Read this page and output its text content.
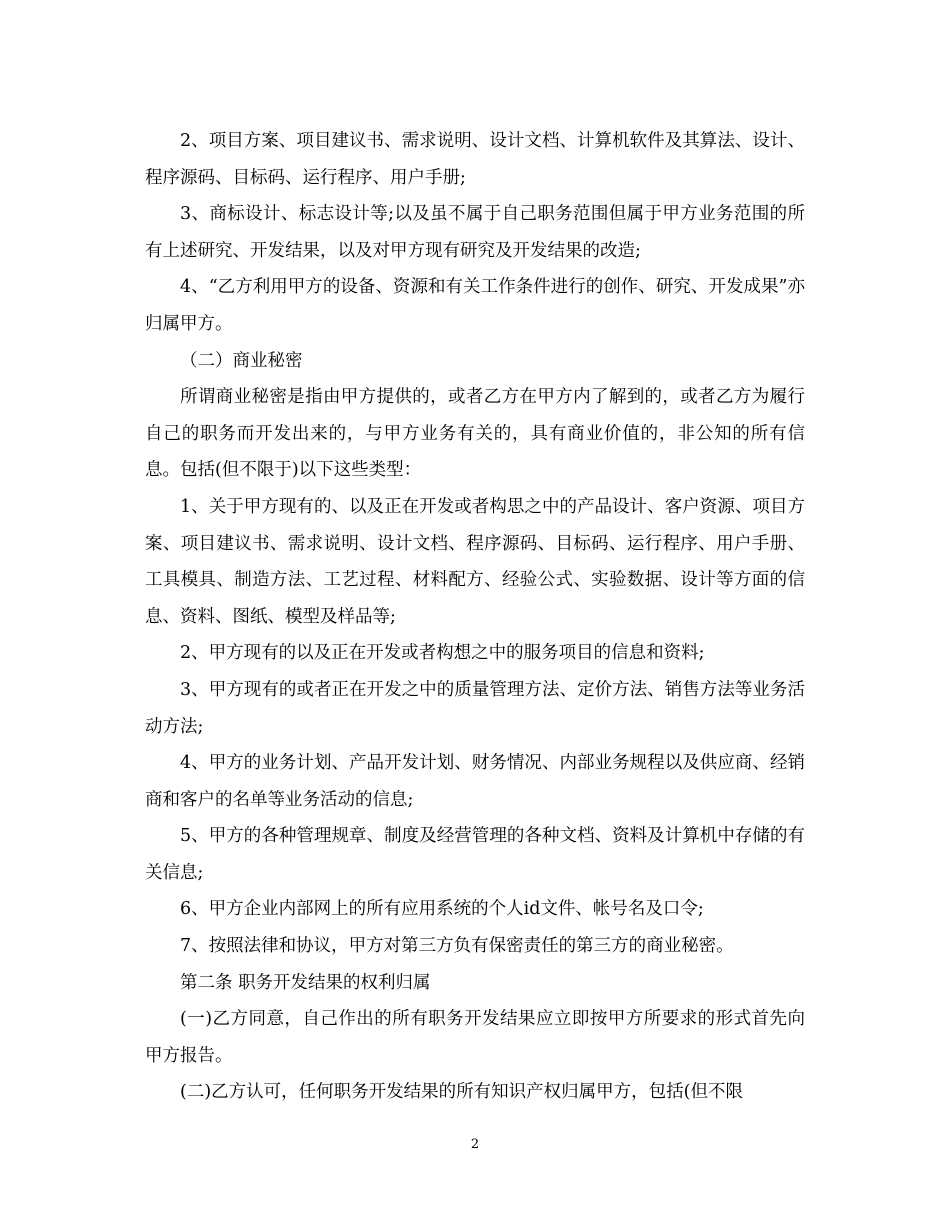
2、项目方案、项目建议书、需求说明、设计文档、计算机软件及其算法、设计、程序源码、目标码、运行程序、用户手册;

3、商标设计、标志设计等;以及虽不属于自己职务范围但属于甲方业务范围的所有上述研究、开发结果，以及对甲方现有研究及开发结果的改造;

4、“乙方利用甲方的设备、资源和有关工作条件进行的创作、研究、开发成果”亦归属甲方。

（二）商业秘密

所谓商业秘密是指由甲方提供的，或者乙方在甲方内了解到的，或者乙方为履行自己的职务而开发出来的，与甲方业务有关的，具有商业价值的，非公知的所有信息。包括(但不限于)以下这些类型：

1、关于甲方现有的、以及正在开发或者构思之中的产品设计、客户资源、项目方案、项目建议书、需求说明、设计文档、程序源码、目标码、运行程序、用户手册、工具模具、制造方法、工艺过程、材料配方、经验公式、实验数据、设计等方面的信息、资料、图纸、模型及样品等;

2、甲方现有的以及正在开发或者构想之中的服务项目的信息和资料;

3、甲方现有的或者正在开发之中的质量管理方法、定价方法、销售方法等业务活动方法;

4、甲方的业务计划、产品开发计划、财务情况、内部业务规程以及供应商、经销商和客户的名单等业务活动的信息;

5、甲方的各种管理规章、制度及经营管理的各种文档、资料及计算机中存储的有关信息;

6、甲方企业内部网上的所有应用系统的个人id文件、帐号名及口令;

7、按照法律和协议，甲方对第三方负有保密责任的第三方的商业秘密。

第二条 职务开发结果的权利归属

(一)乙方同意，自己作出的所有职务开发结果应立即按甲方所要求的形式首先向甲方报告。

(二)乙方认可，任何职务开发结果的所有知识产权归属甲方，包括(但不限

2
